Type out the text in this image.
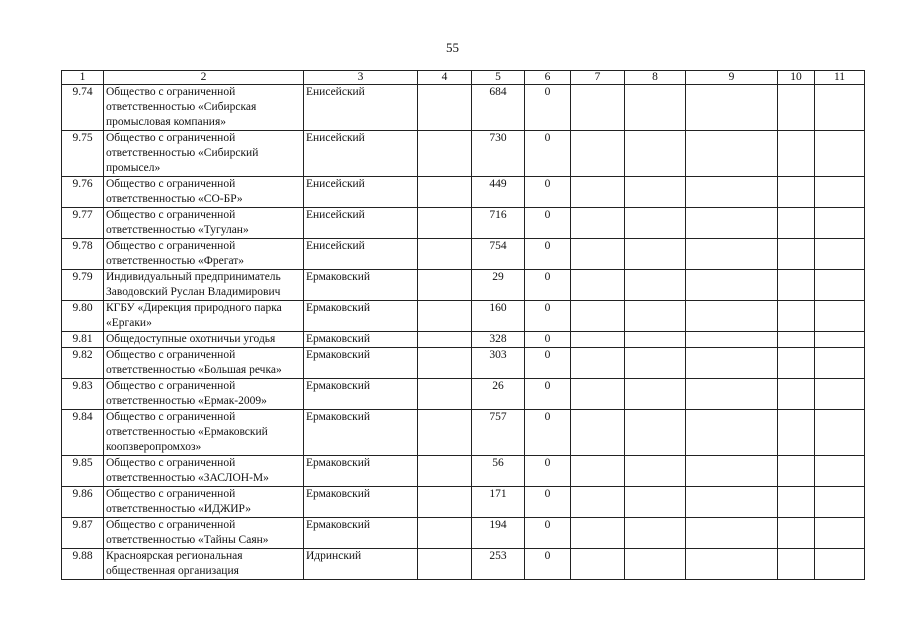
55
1	2	3	4	5	6	7	8	9	10	11
9.74	Общество с ограниченной
ответственностью «Сибирская
промысловая компания»	Енисейский		684	0					
9.75	Общество с ограниченной
ответственностью «Сибирский
промысел»	Енисейский		730	0					
9.76	Общество с ограниченной
ответственностью «СО-БР»	Енисейский		449	0					
9.77	Общество с ограниченной
ответственностью «Тугулан»	Енисейский		716	0					
9.78	Общество с ограниченной
ответственностью «Фрегат»	Енисейский		754	0					
9.79	Индивидуальный предприниматель
Заводовский Руслан Владимирович	Ермаковский		29	0					
9.80	КГБУ «Дирекция природного парка
«Ергаки»	Ермаковский		160	0					
9.81	Общедоступные охотничьи угодья	Ермаковский		328	0					
9.82	Общество с ограниченной
ответственностью «Большая речка»	Ермаковский		303	0					
9.83	Общество с ограниченной
ответственностью «Ермак-2009»	Ермаковский		26	0					
9.84	Общество с ограниченной
ответственностью «Ермаковский
коопзверопромхоз»	Ермаковский		757	0					
9.85	Общество с ограниченной
ответственностью «ЗАСЛОН-М»	Ермаковский		56	0					
9.86	Общество с ограниченной
ответственностью «ИДЖИР»	Ермаковский		171	0					
9.87	Общество с ограниченной
ответственностью «Тайны Саян»	Ермаковский		194	0					
9.88	Красноярская региональная
общественная организация	Идринский		253	0					
